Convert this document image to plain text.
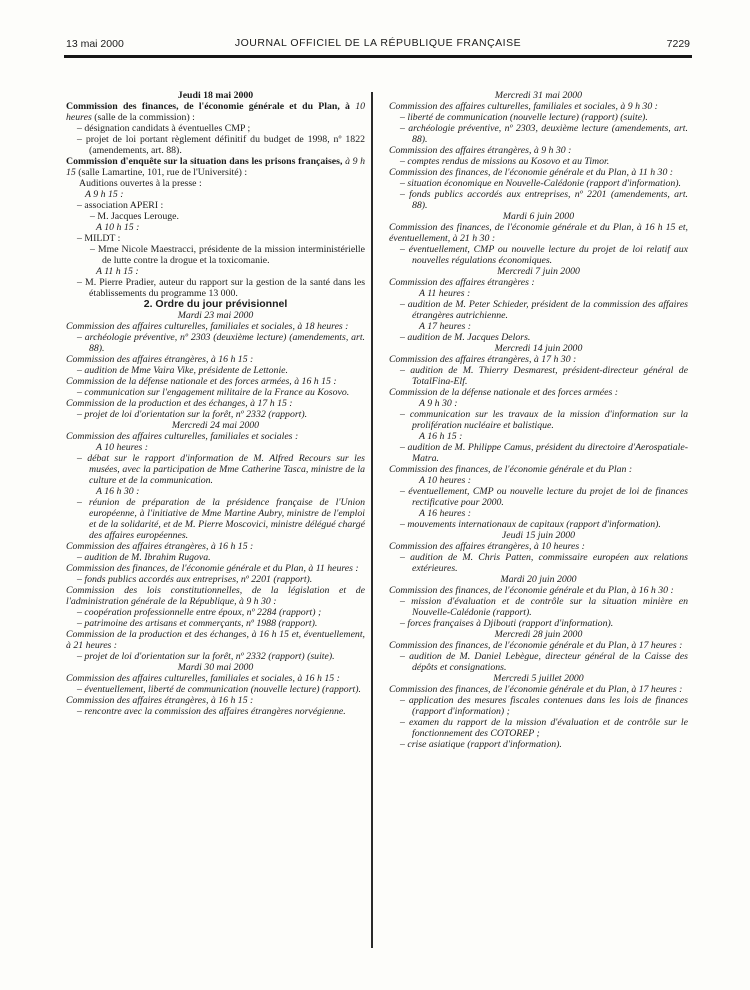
13 mai 2000	JOURNAL OFFICIEL DE LA RÉPUBLIQUE FRANÇAISE	7229
Jeudi 18 mai 2000

Commission des finances, de l'économie générale et du Plan, à 10 heures (salle de la commission) :

– désignation candidats à éventuelles CMP ;

– projet de loi portant règlement définitif du budget de 1998, nº 1822 (amendements, art. 88).

Commission d'enquête sur la situation dans les prisons françaises, à 9 h 15 (salle Lamartine, 101, rue de l'Université) :

Auditions ouvertes à la presse :

A 9 h 15 :

– association APERI :

– M. Jacques Lerouge.

A 10 h 15 :

– MILDT :

– Mme Nicole Maestracci, présidente de la mission interministérielle de lutte contre la drogue et la toxicomanie.

A 11 h 15 :

– M. Pierre Pradier, auteur du rapport sur la gestion de la santé dans les établissements du programme 13 000.

2. Ordre du jour prévisionnel
Mardi 23 mai 2000

Commission des affaires culturelles, familiales et sociales, à 18 heures :

– archéologie préventive, nº 2303 (deuxième lecture) (amendements, art. 88).

Commission des affaires étrangères, à 16 h 15 :

– audition de Mme Vaira Vike, présidente de Lettonie.

Commission de la défense nationale et des forces armées, à 16 h 15 :

– communication sur l'engagement militaire de la France au Kosovo.

Commission de la production et des échanges, à 17 h 15 :

– projet de loi d'orientation sur la forêt, nº 2332 (rapport).

Mercredi 24 mai 2000

Commission des affaires culturelles, familiales et sociales :

A 10 heures :

– débat sur le rapport d'information de M. Alfred Recours sur les musées, avec la participation de Mme Catherine Tasca, ministre de la culture et de la communication.

A 16 h 30 :

– réunion de préparation de la présidence française de l'Union européenne, à l'initiative de Mme Martine Aubry, ministre de l'emploi et de la solidarité, et de M. Pierre Moscovici, ministre délégué chargé des affaires européennes.

Commission des affaires étrangères, à 16 h 15 :

– audition de M. Ibrahim Rugova.

Commission des finances, de l'économie générale et du Plan, à 11 heures :

– fonds publics accordés aux entreprises, nº 2201 (rapport).

Commission des lois constitutionnelles, de la législation et de l'administration générale de la République, à 9 h 30 :

– coopération professionnelle entre époux, nº 2284 (rapport) ;

– patrimoine des artisans et commerçants, nº 1988 (rapport).

Commission de la production et des échanges, à 16 h 15 et, éventuellement, à 21 heures :

– projet de loi d'orientation sur la forêt, nº 2332 (rapport) (suite).

Mardi 30 mai 2000

Commission des affaires culturelles, familiales et sociales, à 16 h 15 :

– éventuellement, liberté de communication (nouvelle lecture) (rapport).

Commission des affaires étrangères, à 16 h 15 :

– rencontre avec la commission des affaires étrangères norvégienne.

Mercredi 31 mai 2000

Commission des affaires culturelles, familiales et sociales, à 9 h 30 :

– liberté de communication (nouvelle lecture) (rapport) (suite).

– archéologie préventive, nº 2303, deuxième lecture (amendements, art. 88).

Commission des affaires étrangères, à 9 h 30 :

– comptes rendus de missions au Kosovo et au Timor.

Commission des finances, de l'économie générale et du Plan, à 11 h 30 :

– situation économique en Nouvelle-Calédonie (rapport d'information).

– fonds publics accordés aux entreprises, nº 2201 (amendements, art. 88).

Mardi 6 juin 2000

Commission des finances, de l'économie générale et du Plan, à 16 h 15 et, éventuellement, à 21 h 30 :

– éventuellement, CMP ou nouvelle lecture du projet de loi relatif aux nouvelles régulations économiques.

Mercredi 7 juin 2000

Commission des affaires étrangères :

A 11 heures :

– audition de M. Peter Schieder, président de la commission des affaires étrangères autrichienne.

A 17 heures :

– audition de M. Jacques Delors.

Mercredi 14 juin 2000

Commission des affaires étrangères, à 17 h 30 :

– audition de M. Thierry Desmarest, président-directeur général de TotalFina-Elf.

Commission de la défense nationale et des forces armées :

A 9 h 30 :

– communication sur les travaux de la mission d'information sur la prolifération nucléaire et balistique.

A 16 h 15 :

– audition de M. Philippe Camus, président du directoire d'Aerospatiale-Matra.

Commission des finances, de l'économie générale et du Plan :

A 10 heures :

– éventuellement, CMP ou nouvelle lecture du projet de loi de finances rectificative pour 2000.

A 16 heures :

– mouvements internationaux de capitaux (rapport d'information).

Jeudi 15 juin 2000

Commission des affaires étrangères, à 10 heures :

– audition de M. Chris Patten, commissaire européen aux relations extérieures.

Mardi 20 juin 2000

Commission des finances, de l'économie générale et du Plan, à 16 h 30 :

– mission d'évaluation et de contrôle sur la situation minière en Nouvelle-Calédonie (rapport).

– forces françaises à Djibouti (rapport d'information).

Mercredi 28 juin 2000

Commission des finances, de l'économie générale et du Plan, à 17 heures :

– audition de M. Daniel Lebègue, directeur général de la Caisse des dépôts et consignations.

Mercredi 5 juillet 2000

Commission des finances, de l'économie générale et du Plan, à 17 heures :

– application des mesures fiscales contenues dans les lois de finances (rapport d'information) ;

– examen du rapport de la mission d'évaluation et de contrôle sur le fonctionnement des COTOREP ;

– crise asiatique (rapport d'information).
